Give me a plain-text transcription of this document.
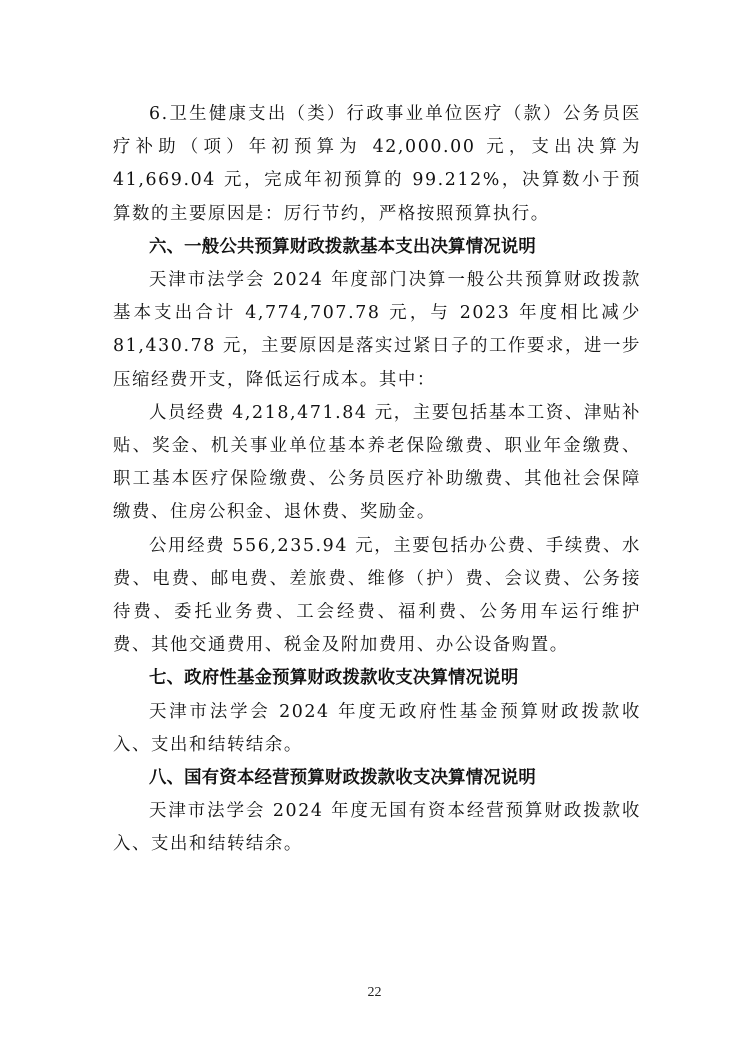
6.卫生健康支出（类）行政事业单位医疗（款）公务员医疗补助（项）年初预算为 42,000.00 元，支出决算为 41,669.04 元，完成年初预算的 99.212%，决算数小于预算数的主要原因是：厉行节约，严格按照预算执行。

六、一般公共预算财政拨款基本支出决算情况说明

天津市法学会 2024 年度部门决算一般公共预算财政拨款基本支出合计 4,774,707.78 元，与 2023 年度相比减少 81,430.78 元，主要原因是落实过紧日子的工作要求，进一步压缩经费开支，降低运行成本。其中：

人员经费 4,218,471.84 元，主要包括基本工资、津贴补贴、奖金、机关事业单位基本养老保险缴费、职业年金缴费、职工基本医疗保险缴费、公务员医疗补助缴费、其他社会保障缴费、住房公积金、退休费、奖励金。

公用经费 556,235.94 元，主要包括办公费、手续费、水费、电费、邮电费、差旅费、维修（护）费、会议费、公务接待费、委托业务费、工会经费、福利费、公务用车运行维护费、其他交通费用、税金及附加费用、办公设备购置。

七、政府性基金预算财政拨款收支决算情况说明

天津市法学会 2024 年度无政府性基金预算财政拨款收入、支出和结转结余。

八、国有资本经营预算财政拨款收支决算情况说明

天津市法学会 2024 年度无国有资本经营预算财政拨款收入、支出和结转结余。

22
